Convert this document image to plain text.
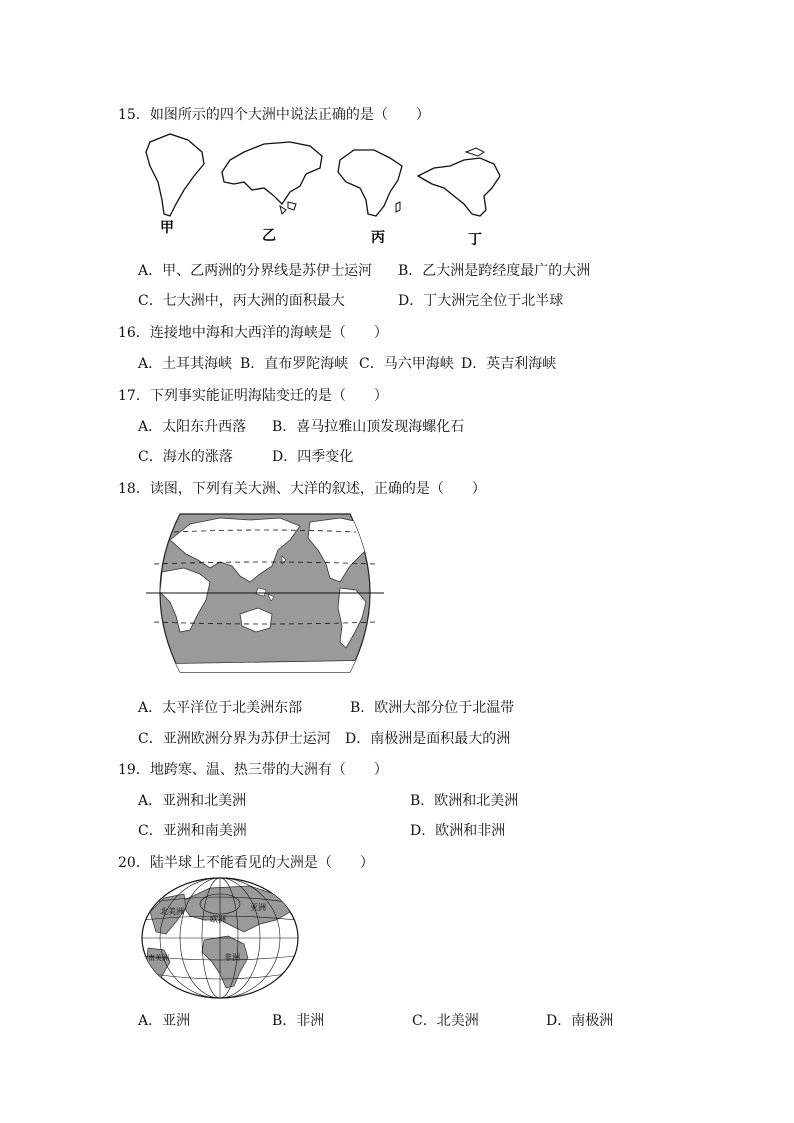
15．如图所示的四个大洲中说法正确的是（　　）
甲	乙	丙	丁
A．甲、乙两洲的分界线是苏伊士运河 B．乙大洲是跨经度最广的大洲
C．七大洲中，丙大洲的面积最大	D．丁大洲完全位于北半球
16．连接地中海和大西洋的海峡是（　　）
A．土耳其海峡 B．直布罗陀海峡 C．马六甲海峡 D．英吉利海峡
17．下列事实能证明海陆变迁的是（　　）
A．太阳东升西落 B．喜马拉雅山顶发现海螺化石
C．海水的涨落	D．四季变化
18．读图，下列有关大洲、大洋的叙述，正确的是（　　）
A．太平洋位于北美洲东部	B．欧洲大部分位于北温带
C．亚洲欧洲分界为苏伊士运河 D．南极洲是面积最大的洲
19．地跨寒、温、热三带的大洲有（　　）
A．亚洲和北美洲	B．欧洲和北美洲
C．亚洲和南美洲	D．欧洲和非洲
20．陆半球上不能看见的大洲是（　　）
亚洲
北美洲
欧洲
非洲
南美洲
A．亚洲	B．非洲	C．北美洲	D．南极洲
